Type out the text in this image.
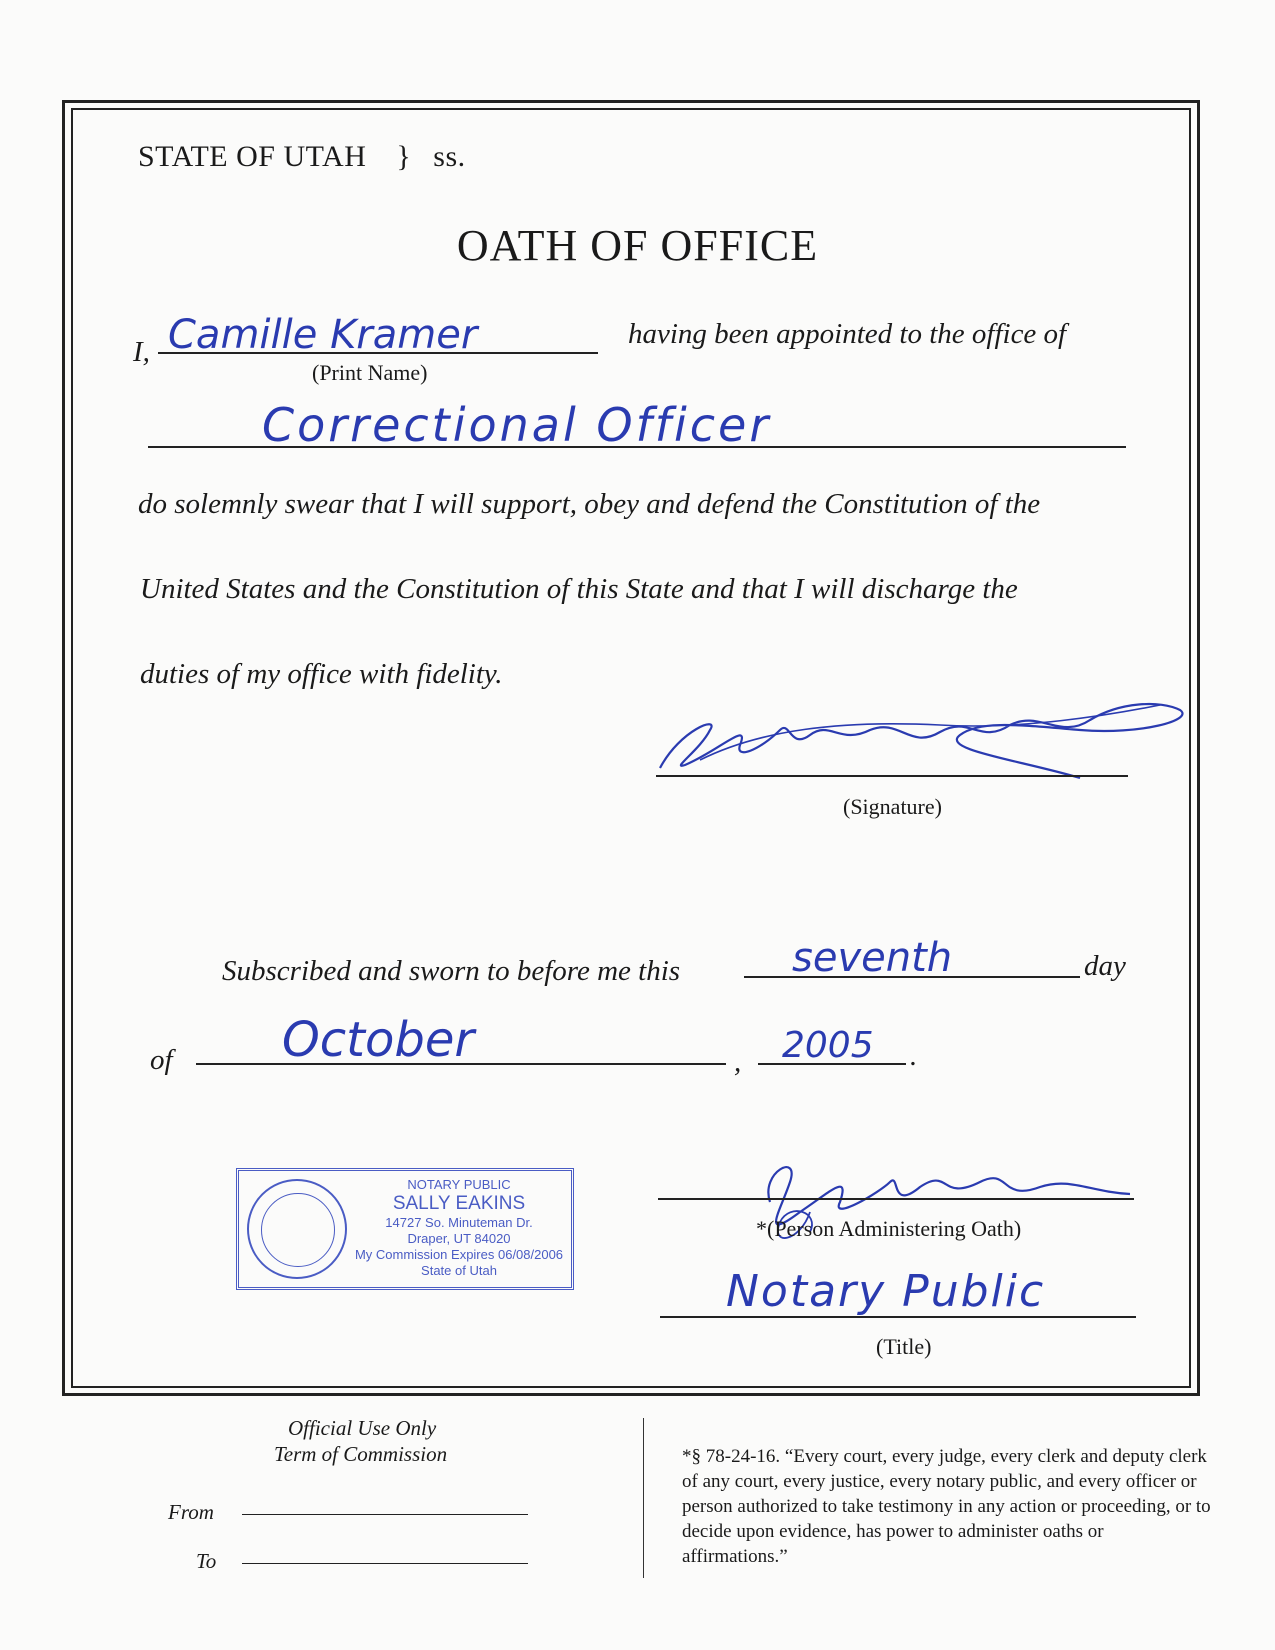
STATE OF UTAH } ss.
OATH OF OFFICE
I, Camille Kramer
(Print Name)
having been appointed to the office of
Correctional Officer
do solemnly swear that I will support, obey and defend the Constitution of the
United States and the Constitution of this State and that I will discharge the
duties of my office with fidelity.
(Signature)
Subscribed and sworn to before me this	seventh	day
of October	, 2005 .
NOTARY PUBLIC
SALLY EAKINS
14727 So. Minuteman Dr.
Draper, UT 84020
My Commission Expires 06/08/2006
State of Utah
*(Person Administering Oath)
Notary Public
(Title)
Official Use Only
Term of Commission
From
To
*§ 78-24-16. “Every court, every judge, every clerk and deputy clerk of any court, every justice, every notary public, and every officer or person authorized to take testimony in any action or proceeding, or to decide upon evidence, has power to administer oaths or affirmations.”
